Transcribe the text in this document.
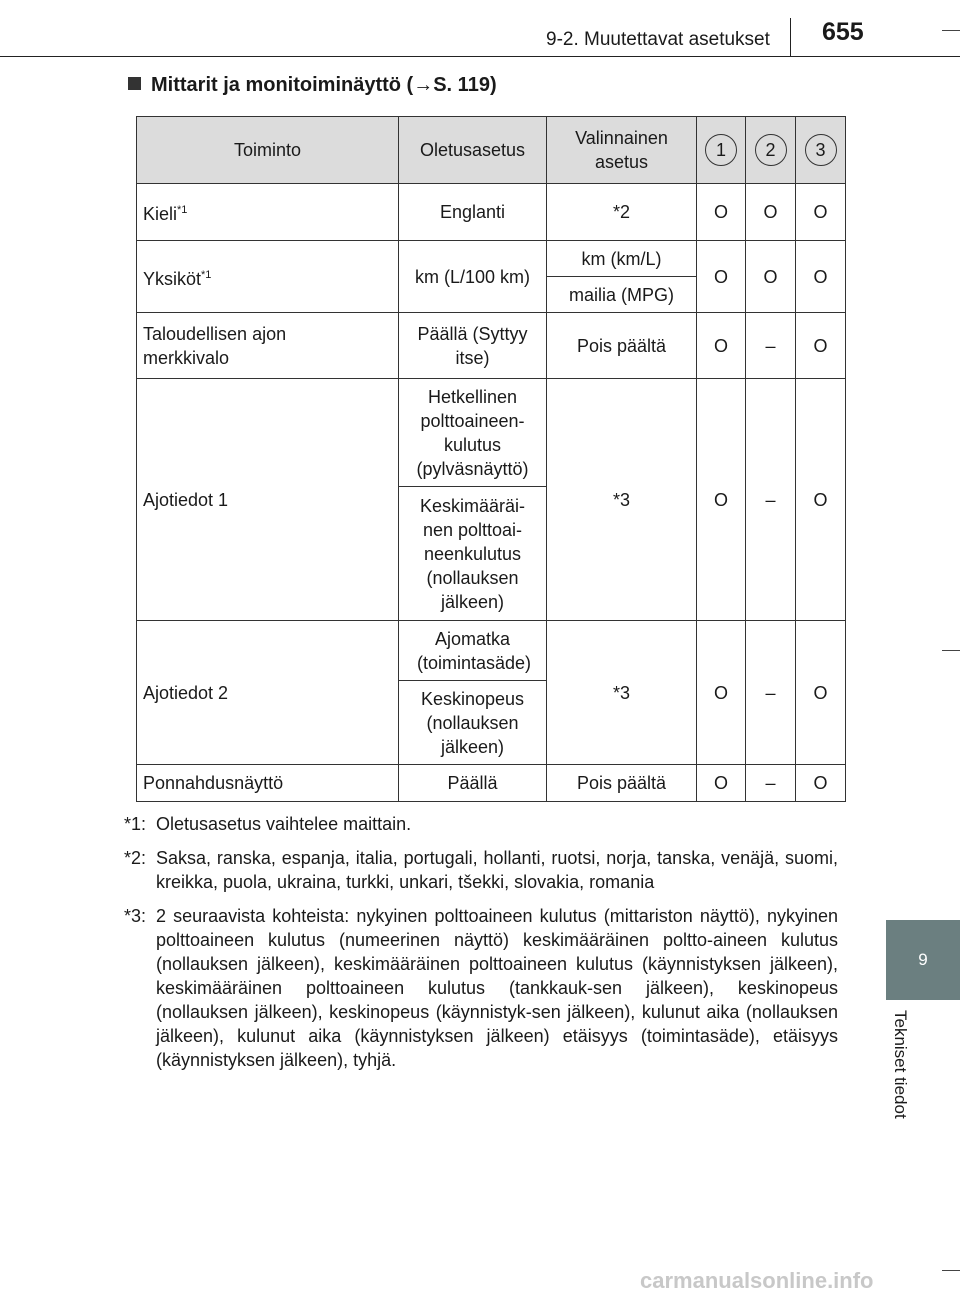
9-2. Muutettavat asetukset 655
9
Tekniset tiedot
Mittarit ja monitoiminäyttö (→S. 119)
Toiminto	Oletusasetus	Valinnainen asetus	1	2	3
Kieli$^{*1}$	Englanti	*2	O	O	O
Yksiköt$^{*1}$	km (L/100 km)	km (km/L)	O	O	O
		mailia (MPG)			
Taloudellisen ajon merkkivalo	Päällä (Syttyy itse)	Pois päältä	O	–	O
Ajotiedot 1	Hetkellinen polttoaineen-kulutus (pylväsnäyttö)	*3	O	–	O
	Keskimääräi-nen polttoai-neenkulutus (nollauksen jälkeen)				
Ajotiedot 2	Ajomatka (toimintasäde)	*3	O	–	O
	Keskinopeus (nollauksen jälkeen)				
Ponnahdusnäyttö	Päällä	Pois päältä	O	–	O
*1: Oletusasetus vaihtelee maittain.
*2: Saksa, ranska, espanja, italia, portugali, hollanti, ruotsi, norja, tanska, venäjä, suomi, kreikka, puola, ukraina, turkki, unkari, tšekki, slovakia, romania
*3: 2 seuraavista kohteista: nykyinen polttoaineen kulutus (mittariston näyttö), nykyinen polttoaineen kulutus (numeerinen näyttö) keskimääräinen poltto-aineen kulutus (nollauksen jälkeen), keskimääräinen polttoaineen kulutus (käynnistyksen jälkeen), keskimääräinen polttoaineen kulutus (tankkauk-sen jälkeen), keskinopeus (nollauksen jälkeen), keskinopeus (käynnistyk-sen jälkeen), kulunut aika (nollauksen jälkeen), kulunut aika (käynnistyksen jälkeen) etäisyys (toimintasäde), etäisyys (käynnistyksen jälkeen), tyhjä.
carmanualsonline.info
